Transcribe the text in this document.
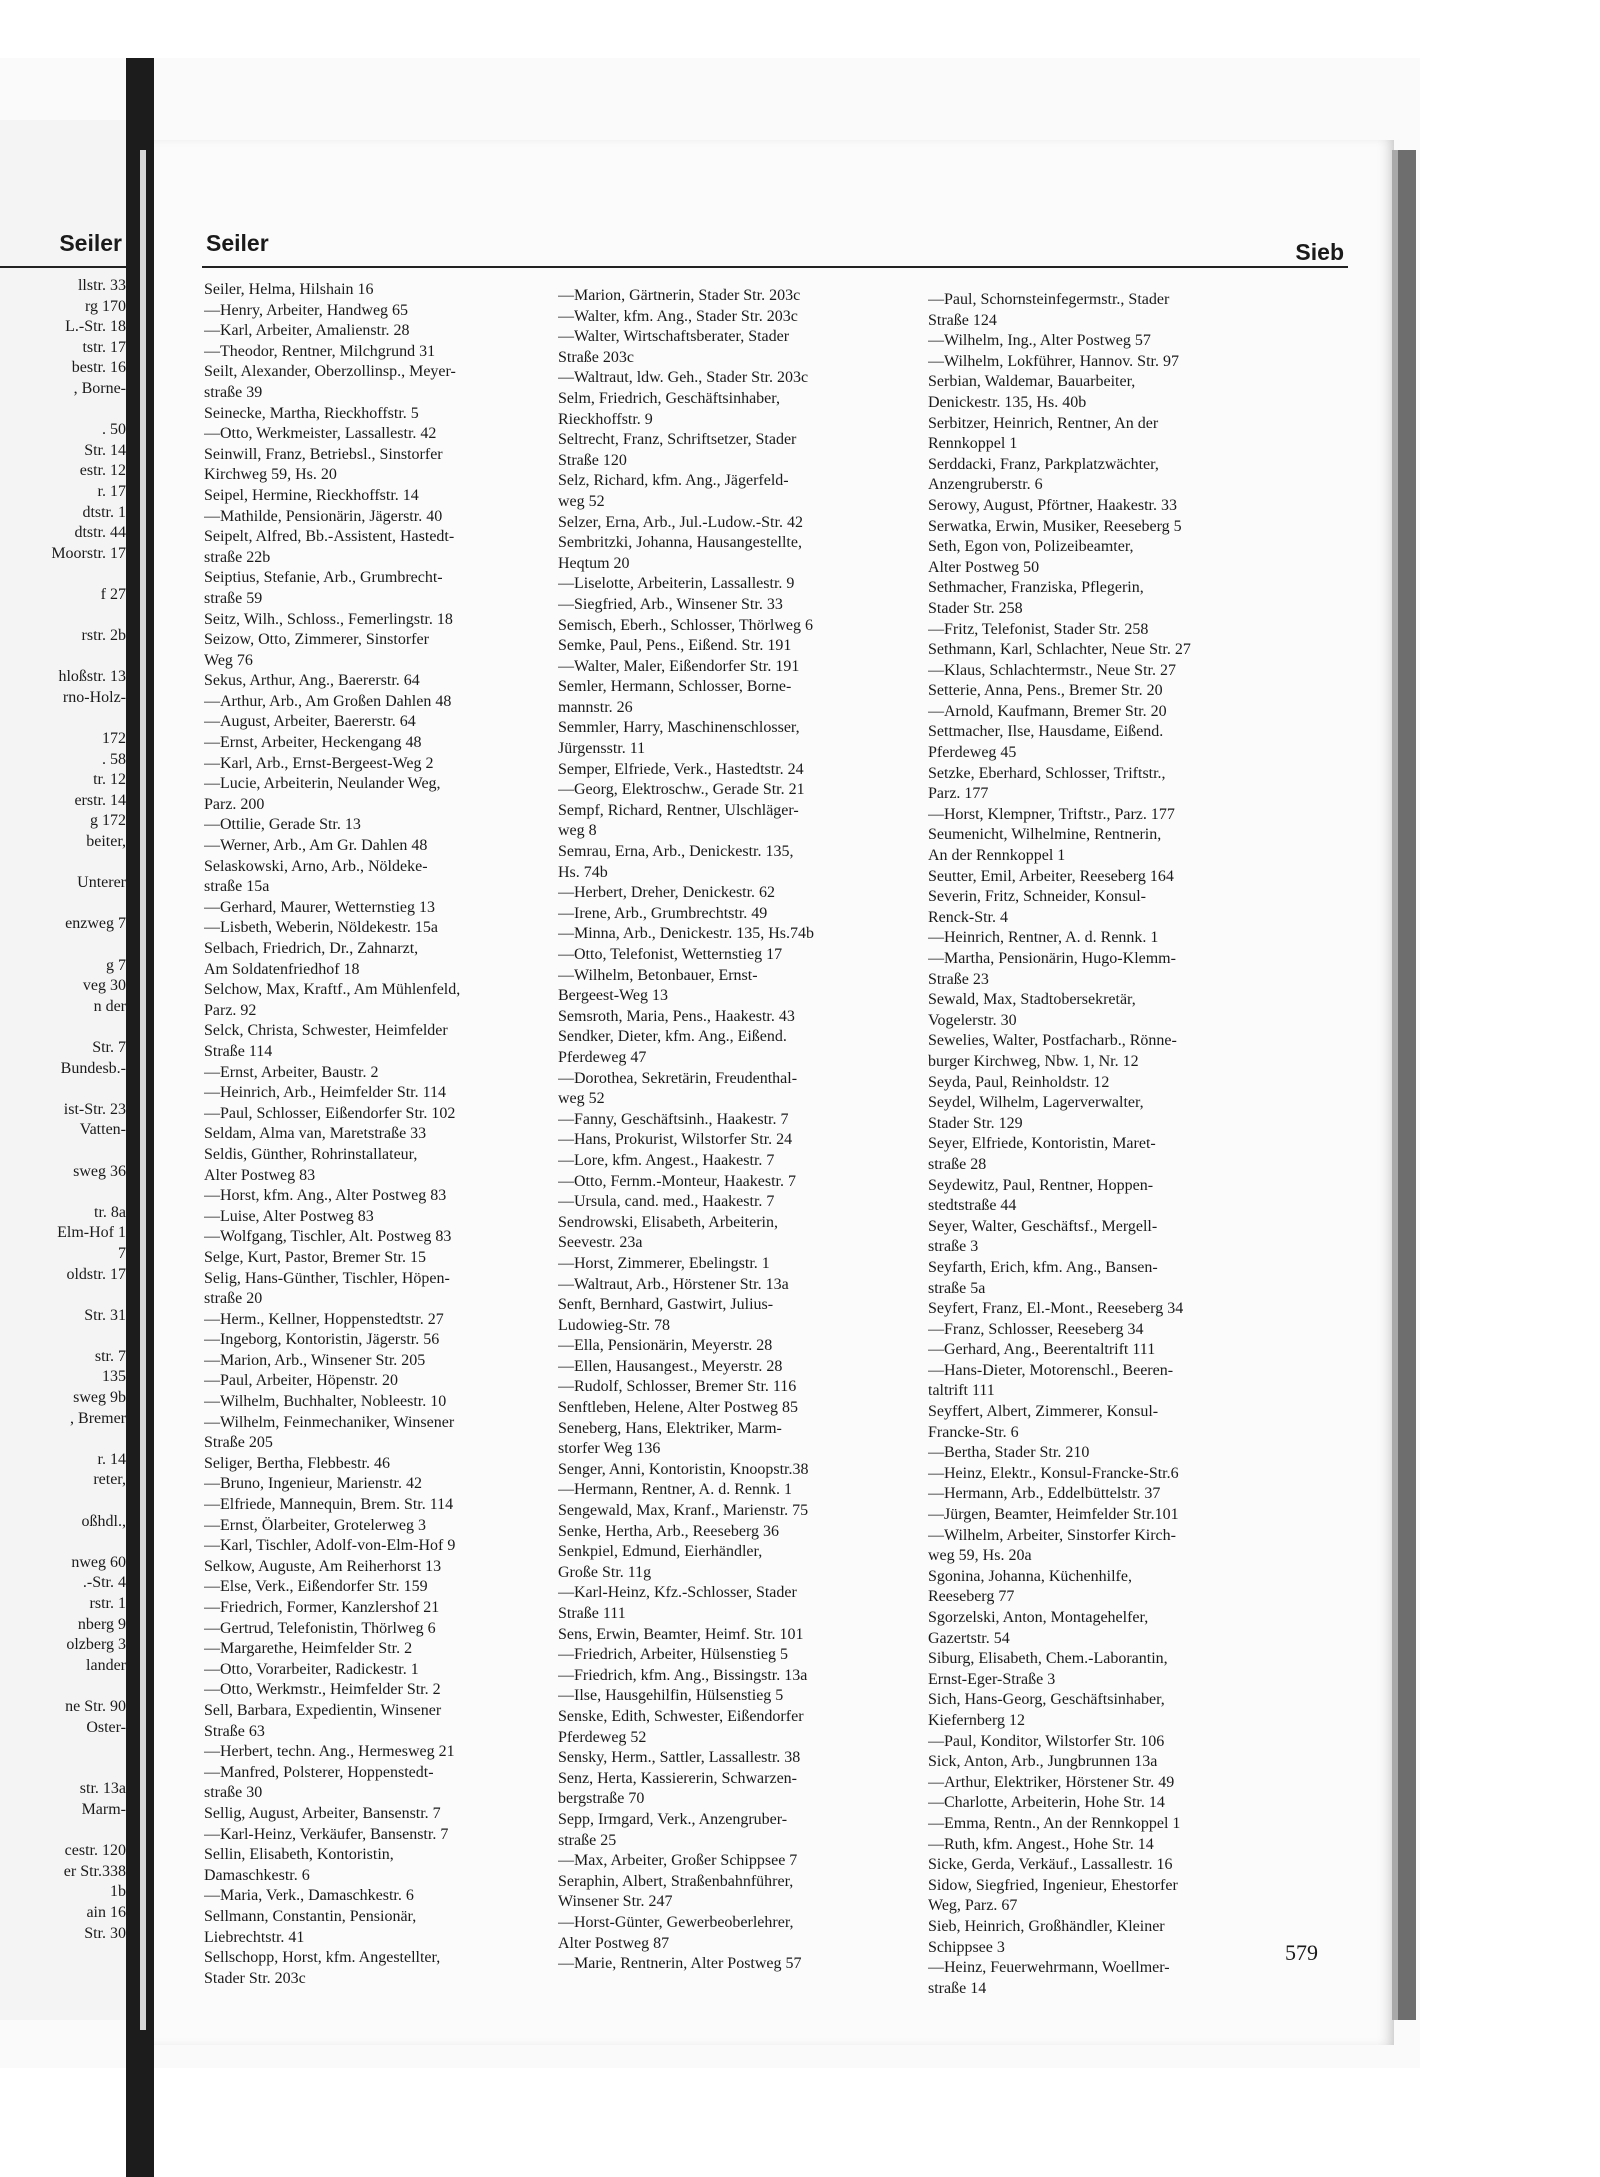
Seiler
llstr. 33
rg 170
L.-Str. 18
tstr. 17
bestr. 16
, Borne-
. 50
Str. 14
estr. 12
r. 17
dtstr. 1
dtstr. 44
Moorstr. 17
f 27
rstr. 2b
hloßstr. 13
rno-Holz-
172
. 58
tr. 12
erstr. 14
g 172
beiter,
Unterer
enzweg 7
g 7
veg 30
n der
Str. 7
Bundesb.-
ist-Str. 23
Vatten-
sweg 36
tr. 8a
Elm-Hof 1
7
oldstr. 17
Str. 31
str. 7
135
sweg 9b
, Bremer
r. 14
reter,
oßhdl.,
nweg 60
.-Str. 4
rstr. 1
nberg 9
olzberg 3
lander
ne Str. 90
Oster-
str. 13a
Marm-
cestr. 120
er Str.338
1b
ain 16
Str. 30
Seiler	Sieb
Seiler, Helma, Hilshain 16
—Henry, Arbeiter, Handweg 65
—Karl, Arbeiter, Amalienstr. 28
—Theodor, Rentner, Milchgrund 31
Seilt, Alexander, Oberzollinsp., Meyer-
straße 39
Seinecke, Martha, Rieckhoffstr. 5
—Otto, Werkmeister, Lassallestr. 42
Seinwill, Franz, Betriebsl., Sinstorfer
Kirchweg 59, Hs. 20
Seipel, Hermine, Rieckhoffstr. 14
—Mathilde, Pensionärin, Jägerstr. 40
Seipelt, Alfred, Bb.-Assistent, Hastedt-
straße 22b
Seiptius, Stefanie, Arb., Grumbrecht-
straße 59
Seitz, Wilh., Schloss., Femerlingstr. 18
Seizow, Otto, Zimmerer, Sinstorfer
Weg 76
Sekus, Arthur, Ang., Baererstr. 64
—Arthur, Arb., Am Großen Dahlen 48
—August, Arbeiter, Baererstr. 64
—Ernst, Arbeiter, Heckengang 48
—Karl, Arb., Ernst-Bergeest-Weg 2
—Lucie, Arbeiterin, Neulander Weg,
Parz. 200
—Ottilie, Gerade Str. 13
—Werner, Arb., Am Gr. Dahlen 48
Selaskowski, Arno, Arb., Nöldeke-
straße 15a
—Gerhard, Maurer, Wetternstieg 13
—Lisbeth, Weberin, Nöldekestr. 15a
Selbach, Friedrich, Dr., Zahnarzt,
Am Soldatenfriedhof 18
Selchow, Max, Kraftf., Am Mühlenfeld,
Parz. 92
Selck, Christa, Schwester, Heimfelder
Straße 114
—Ernst, Arbeiter, Baustr. 2
—Heinrich, Arb., Heimfelder Str. 114
—Paul, Schlosser, Eißendorfer Str. 102
Seldam, Alma van, Maretstraße 33
Seldis, Günther, Rohrinstallateur,
Alter Postweg 83
—Horst, kfm. Ang., Alter Postweg 83
—Luise, Alter Postweg 83
—Wolfgang, Tischler, Alt. Postweg 83
Selge, Kurt, Pastor, Bremer Str. 15
Selig, Hans-Günther, Tischler, Höpen-
straße 20
—Herm., Kellner, Hoppenstedtstr. 27
—Ingeborg, Kontoristin, Jägerstr. 56
—Marion, Arb., Winsener Str. 205
—Paul, Arbeiter, Höpenstr. 20
—Wilhelm, Buchhalter, Nobleestr. 10
—Wilhelm, Feinmechaniker, Winsener
Straße 205
Seliger, Bertha, Flebbestr. 46
—Bruno, Ingenieur, Marienstr. 42
—Elfriede, Mannequin, Brem. Str. 114
—Ernst, Ölarbeiter, Grotelerweg 3
—Karl, Tischler, Adolf-von-Elm-Hof 9
Selkow, Auguste, Am Reiherhorst 13
—Else, Verk., Eißendorfer Str. 159
—Friedrich, Former, Kanzlershof 21
—Gertrud, Telefonistin, Thörlweg 6
—Margarethe, Heimfelder Str. 2
—Otto, Vorarbeiter, Radickestr. 1
—Otto, Werkmstr., Heimfelder Str. 2
Sell, Barbara, Expedientin, Winsener
Straße 63
—Herbert, techn. Ang., Hermesweg 21
—Manfred, Polsterer, Hoppenstedt-
straße 30
Sellig, August, Arbeiter, Bansenstr. 7
—Karl-Heinz, Verkäufer, Bansenstr. 7
Sellin, Elisabeth, Kontoristin,
Damaschkestr. 6
—Maria, Verk., Damaschkestr. 6
Sellmann, Constantin, Pensionär,
Liebrechtstr. 41
Sellschopp, Horst, kfm. Angestellter,
Stader Str. 203c
—Marion, Gärtnerin, Stader Str. 203c
—Walter, kfm. Ang., Stader Str. 203c
—Walter, Wirtschaftsberater, Stader
Straße 203c
—Waltraut, ldw. Geh., Stader Str. 203c
Selm, Friedrich, Geschäftsinhaber,
Rieckhoffstr. 9
Seltrecht, Franz, Schriftsetzer, Stader
Straße 120
Selz, Richard, kfm. Ang., Jägerfeld-
weg 52
Selzer, Erna, Arb., Jul.-Ludow.-Str. 42
Sembritzki, Johanna, Hausangestellte,
Heqtum 20
—Liselotte, Arbeiterin, Lassallestr. 9
—Siegfried, Arb., Winsener Str. 33
Semisch, Eberh., Schlosser, Thörlweg 6
Semke, Paul, Pens., Eißend. Str. 191
—Walter, Maler, Eißendorfer Str. 191
Semler, Hermann, Schlosser, Borne-
mannstr. 26
Semmler, Harry, Maschinenschlosser,
Jürgensstr. 11
Semper, Elfriede, Verk., Hastedtstr. 24
—Georg, Elektroschw., Gerade Str. 21
Sempf, Richard, Rentner, Ulschläger-
weg 8
Semrau, Erna, Arb., Denickestr. 135,
Hs. 74b
—Herbert, Dreher, Denickestr. 62
—Irene, Arb., Grumbrechtstr. 49
—Minna, Arb., Denickestr. 135, Hs.74b
—Otto, Telefonist, Wetternstieg 17
—Wilhelm, Betonbauer, Ernst-
Bergeest-Weg 13
Semsroth, Maria, Pens., Haakestr. 43
Sendker, Dieter, kfm. Ang., Eißend.
Pferdeweg 47
—Dorothea, Sekretärin, Freudenthal-
weg 52
—Fanny, Geschäftsinh., Haakestr. 7
—Hans, Prokurist, Wilstorfer Str. 24
—Lore, kfm. Angest., Haakestr. 7
—Otto, Fernm.-Monteur, Haakestr. 7
—Ursula, cand. med., Haakestr. 7
Sendrowski, Elisabeth, Arbeiterin,
Seevestr. 23a
—Horst, Zimmerer, Ebelingstr. 1
—Waltraut, Arb., Hörstener Str. 13a
Senft, Bernhard, Gastwirt, Julius-
Ludowieg-Str. 78
—Ella, Pensionärin, Meyerstr. 28
—Ellen, Hausangest., Meyerstr. 28
—Rudolf, Schlosser, Bremer Str. 116
Senftleben, Helene, Alter Postweg 85
Seneberg, Hans, Elektriker, Marm-
storfer Weg 136
Senger, Anni, Kontoristin, Knoopstr.38
—Hermann, Rentner, A. d. Rennk. 1
Sengewald, Max, Kranf., Marienstr. 75
Senke, Hertha, Arb., Reeseberg 36
Senkpiel, Edmund, Eierhändler,
Große Str. 11g
—Karl-Heinz, Kfz.-Schlosser, Stader
Straße 111
Sens, Erwin, Beamter, Heimf. Str. 101
—Friedrich, Arbeiter, Hülsenstieg 5
—Friedrich, kfm. Ang., Bissingstr. 13a
—Ilse, Hausgehilfin, Hülsenstieg 5
Senske, Edith, Schwester, Eißendorfer
Pferdeweg 52
Sensky, Herm., Sattler, Lassallestr. 38
Senz, Herta, Kassiererin, Schwarzen-
bergstraße 70
Sepp, Irmgard, Verk., Anzengruber-
straße 25
—Max, Arbeiter, Großer Schippsee 7
Seraphin, Albert, Straßenbahnführer,
Winsener Str. 247
—Horst-Günter, Gewerbeoberlehrer,
Alter Postweg 87
—Marie, Rentnerin, Alter Postweg 57
—Paul, Schornsteinfegermstr., Stader
Straße 124
—Wilhelm, Ing., Alter Postweg 57
—Wilhelm, Lokführer, Hannov. Str. 97
Serbian, Waldemar, Bauarbeiter,
Denickestr. 135, Hs. 40b
Serbitzer, Heinrich, Rentner, An der
Rennkoppel 1
Serddacki, Franz, Parkplatzwächter,
Anzengruberstr. 6
Serowy, August, Pförtner, Haakestr. 33
Serwatka, Erwin, Musiker, Reeseberg 5
Seth, Egon von, Polizeibeamter,
Alter Postweg 50
Sethmacher, Franziska, Pflegerin,
Stader Str. 258
—Fritz, Telefonist, Stader Str. 258
Sethmann, Karl, Schlachter, Neue Str. 27
—Klaus, Schlachtermstr., Neue Str. 27
Setterie, Anna, Pens., Bremer Str. 20
—Arnold, Kaufmann, Bremer Str. 20
Settmacher, Ilse, Hausdame, Eißend.
Pferdeweg 45
Setzke, Eberhard, Schlosser, Triftstr.,
Parz. 177
—Horst, Klempner, Triftstr., Parz. 177
Seumenicht, Wilhelmine, Rentnerin,
An der Rennkoppel 1
Seutter, Emil, Arbeiter, Reeseberg 164
Severin, Fritz, Schneider, Konsul-
Renck-Str. 4
—Heinrich, Rentner, A. d. Rennk. 1
—Martha, Pensionärin, Hugo-Klemm-
Straße 23
Sewald, Max, Stadtobersekretär,
Vogelerstr. 30
Sewelies, Walter, Postfacharb., Rönne-
burger Kirchweg, Nbw. 1, Nr. 12
Seyda, Paul, Reinholdstr. 12
Seydel, Wilhelm, Lagerverwalter,
Stader Str. 129
Seyer, Elfriede, Kontoristin, Maret-
straße 28
Seydewitz, Paul, Rentner, Hoppen-
stedtstraße 44
Seyer, Walter, Geschäftsf., Mergell-
straße 3
Seyfarth, Erich, kfm. Ang., Bansen-
straße 5a
Seyfert, Franz, El.-Mont., Reeseberg 34
—Franz, Schlosser, Reeseberg 34
—Gerhard, Ang., Beerentaltrift 111
—Hans-Dieter, Motorenschl., Beeren-
taltrift 111
Seyffert, Albert, Zimmerer, Konsul-
Francke-Str. 6
—Bertha, Stader Str. 210
—Heinz, Elektr., Konsul-Francke-Str.6
—Hermann, Arb., Eddelbüttelstr. 37
—Jürgen, Beamter, Heimfelder Str.101
—Wilhelm, Arbeiter, Sinstorfer Kirch-
weg 59, Hs. 20a
Sgonina, Johanna, Küchenhilfe,
Reeseberg 77
Sgorzelski, Anton, Montagehelfer,
Gazertstr. 54
Siburg, Elisabeth, Chem.-Laborantin,
Ernst-Eger-Straße 3
Sich, Hans-Georg, Geschäftsinhaber,
Kiefernberg 12
—Paul, Konditor, Wilstorfer Str. 106
Sick, Anton, Arb., Jungbrunnen 13a
—Arthur, Elektriker, Hörstener Str. 49
—Charlotte, Arbeiterin, Hohe Str. 14
—Emma, Rentn., An der Rennkoppel 1
—Ruth, kfm. Angest., Hohe Str. 14
Sicke, Gerda, Verkäuf., Lassallestr. 16
Sidow, Siegfried, Ingenieur, Ehestorfer
Weg, Parz. 67
Sieb, Heinrich, Großhändler, Kleiner
Schippsee 3
—Heinz, Feuerwehrmann, Woellmer-
straße 14
579
